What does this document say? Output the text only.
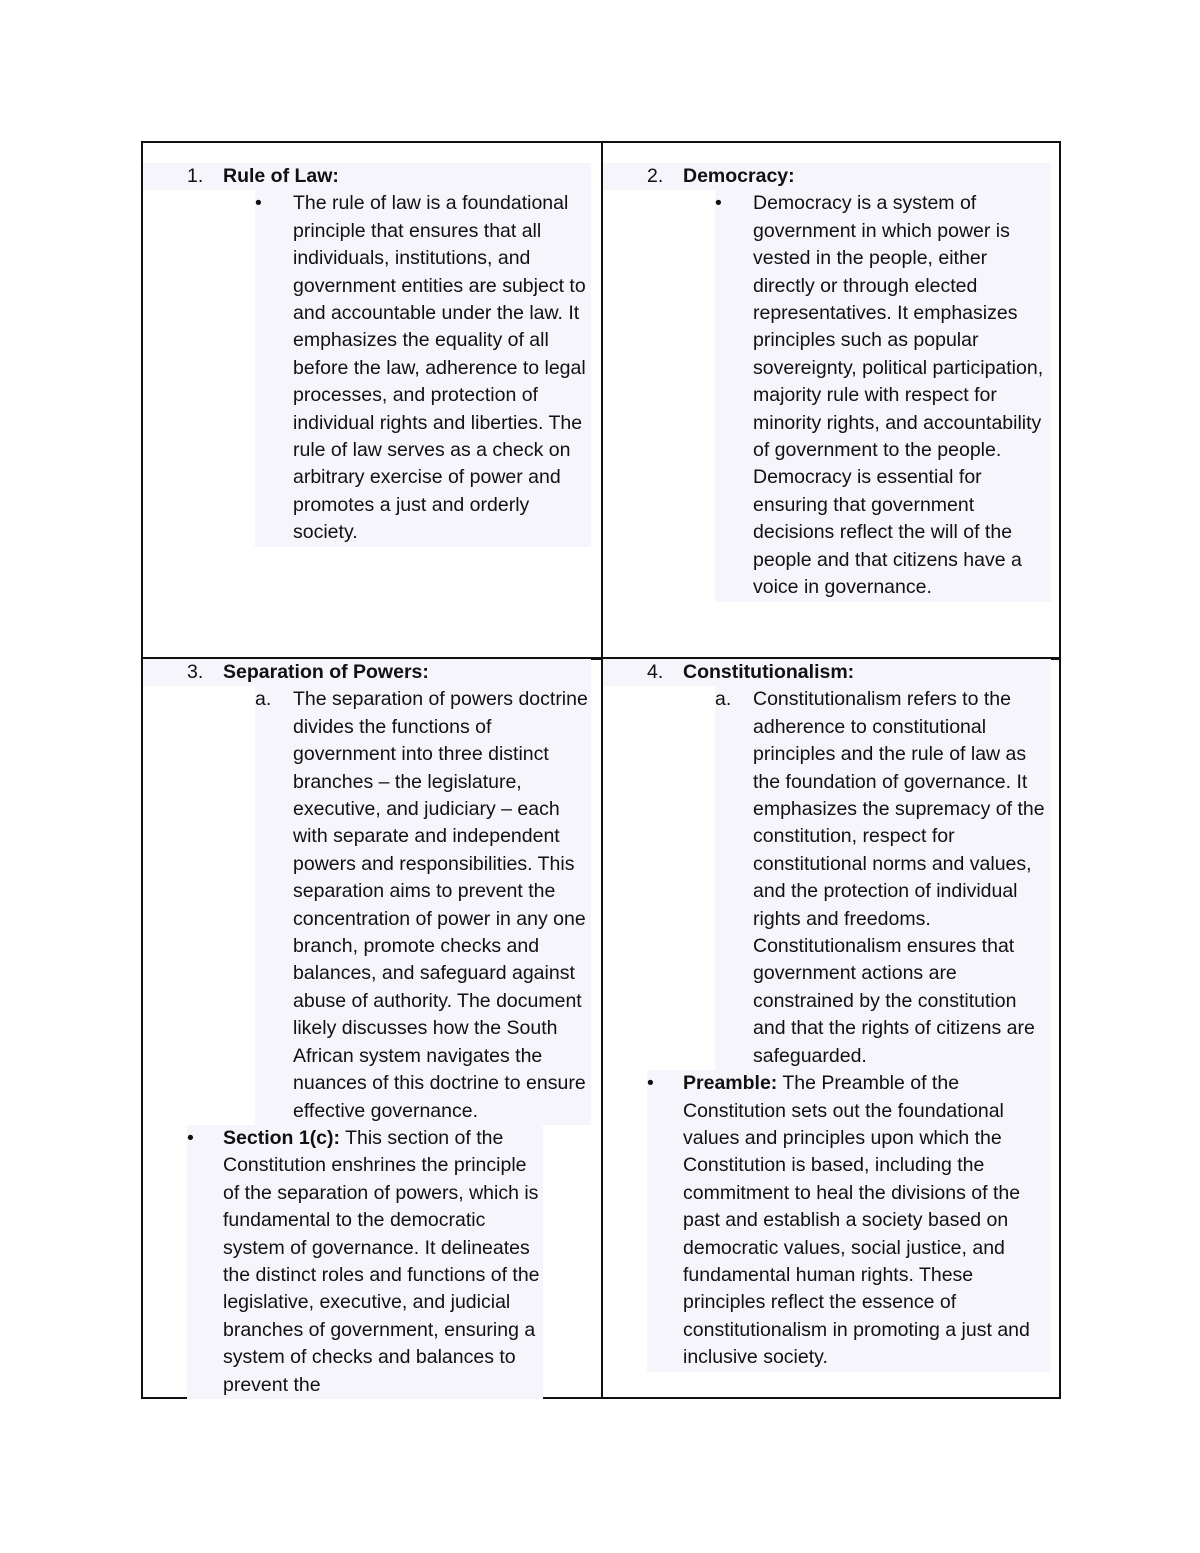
1.	Rule of Law:
•	The rule of law is a foundational principle that ensures that all individuals, institutions, and government entities are subject to and accountable under the law. It emphasizes the equality of all before the law, adherence to legal processes, and protection of individual rights and liberties. The rule of law serves as a check on arbitrary exercise of power and promotes a just and orderly society.
2.	Democracy:
•	Democracy is a system of government in which power is vested in the people, either directly or through elected representatives. It emphasizes principles such as popular sovereignty, political participation, majority rule with respect for minority rights, and accountability of government to the people. Democracy is essential for ensuring that government decisions reflect the will of the people and that citizens have a voice in governance.
3.	Separation of Powers:
a.	The separation of powers doctrine divides the functions of government into three distinct branches – the legislature, executive, and judiciary – each with separate and independent powers and responsibilities. This separation aims to prevent the concentration of power in any one branch, promote checks and balances, and safeguard against abuse of authority. The document likely discusses how the South African system navigates the nuances of this doctrine to ensure effective governance.
•	Section 1(c): This section of the Constitution enshrines the principle of the separation of powers, which is fundamental to the democratic system of governance. It delineates the distinct roles and functions of the legislative, executive, and judicial branches of government, ensuring a system of checks and balances to prevent the
4.	Constitutionalism:
a.	Constitutionalism refers to the adherence to constitutional principles and the rule of law as the foundation of governance. It emphasizes the supremacy of the constitution, respect for constitutional norms and values, and the protection of individual rights and freedoms. Constitutionalism ensures that government actions are constrained by the constitution and that the rights of citizens are safeguarded.
•	Preamble: The Preamble of the Constitution sets out the foundational values and principles upon which the Constitution is based, including the commitment to heal the divisions of the past and establish a society based on democratic values, social justice, and fundamental human rights. These principles reflect the essence of constitutionalism in promoting a just and inclusive society.
